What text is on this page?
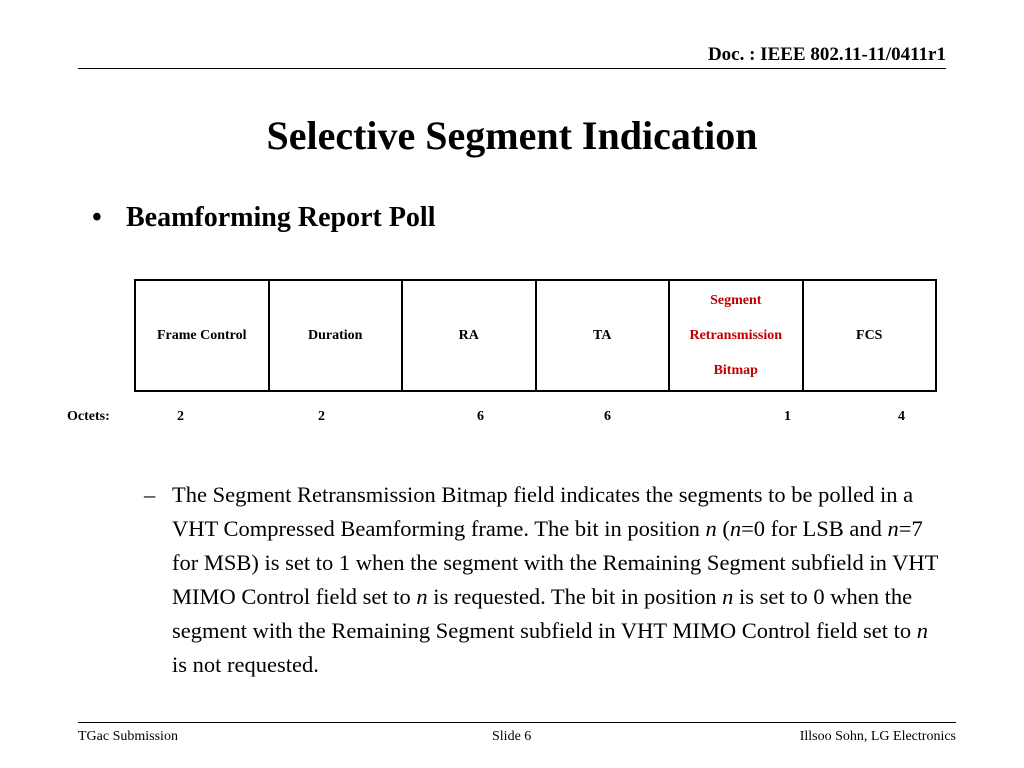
Doc. : IEEE 802.11-11/0411r1
Selective Segment Indication
• Beamforming Report Poll
Frame Control	Duration	RA	TA	Segment
Retransmission
Bitmap	FCS
Octets:	2	2	6	6	1	4
– The Segment Retransmission Bitmap field indicates the segments to be polled in a VHT Compressed Beamforming frame. The bit in position n (n=0 for LSB and n=7 for MSB) is set to 1 when the segment with the Remaining Segment subfield in VHT MIMO Control field set to n is requested. The bit in position n is set to 0 when the segment with the Remaining Segment subfield in VHT MIMO Control field set to n is not requested.
TGac Submission	Slide 6	Illsoo Sohn, LG Electronics
